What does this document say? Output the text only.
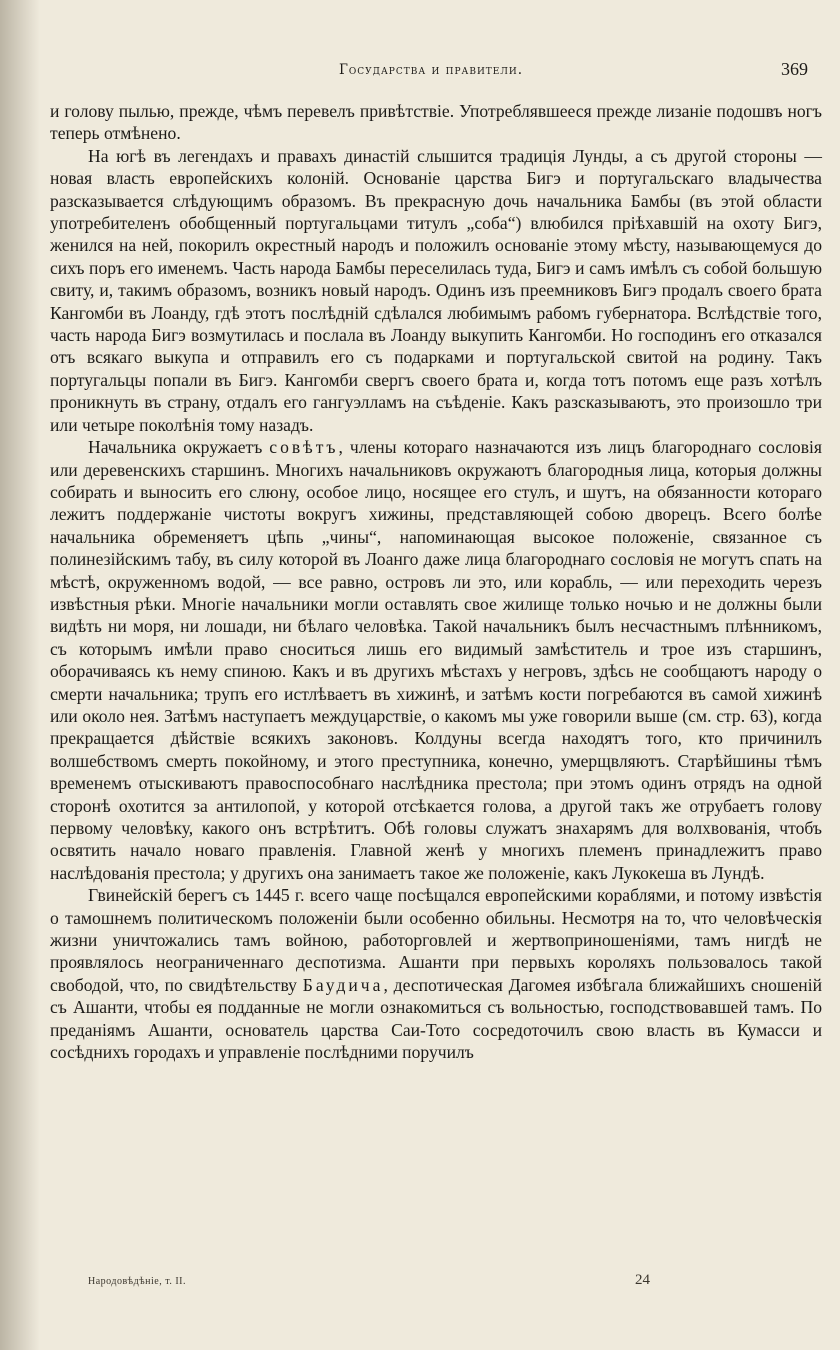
Государства и правители.	369

и голову пылью, прежде, чѣмъ перевелъ привѣтствіе. Употреблявшееся прежде лизаніе подошвъ ногъ теперь отмѣнено.

На югѣ въ легендахъ и правахъ династій слышится традиція Лунды, а съ другой стороны — новая власть европейскихъ колоній. Основаніе царства Бигэ и португальскаго владычества разсказывается слѣдующимъ образомъ. Въ прекрасную дочь начальника Бамбы (въ этой области употребителенъ обобщенный португальцами титулъ „соба“) влюбился пріѣхавшій на охоту Бигэ, женился на ней, покорилъ окрестный народъ и положилъ основаніе этому мѣсту, называющемуся до сихъ поръ его именемъ. Часть народа Бамбы переселилась туда, Бигэ и самъ имѣлъ съ собой большую свиту, и, такимъ образомъ, возникъ новый народъ. Одинъ изъ преемниковъ Бигэ продалъ своего брата Кангомби въ Лоанду, гдѣ этотъ послѣдній сдѣлался любимымъ рабомъ губернатора. Вслѣдствіе того, часть народа Бигэ возмутилась и послала въ Лоанду выкупить Кангомби. Но господинъ его отказался отъ всякаго выкупа и отправилъ его съ подарками и португальской свитой на родину. Такъ португальцы попали въ Бигэ. Кангомби свергъ своего брата и, когда тотъ потомъ еще разъ хотѣлъ проникнуть въ страну, отдалъ его гангуэлламъ на съѣденіе. Какъ разсказываютъ, это произошло три или четыре поколѣнія тому назадъ.

Начальника окружаетъ совѣтъ, члены котораго назначаются изъ лицъ благороднаго сословія или деревенскихъ старшинъ. Многихъ начальниковъ окружаютъ благородныя лица, которыя должны собирать и выносить его слюну, особое лицо, носящее его стулъ, и шутъ, на обязанности котораго лежитъ поддержаніе чистоты вокругъ хижины, представляющей собою дворецъ. Всего болѣе начальника обременяетъ цѣпь „чины“, напоминающая высокое положеніе, связанное съ полинезійскимъ табу, въ силу которой въ Лоанго даже лица благороднаго сословія не могутъ спать на мѣстѣ, окруженномъ водой, — все равно, островъ ли это, или корабль, — или переходить черезъ извѣстныя рѣки. Многіе начальники могли оставлять свое жилище только ночью и не должны были видѣть ни моря, ни лошади, ни бѣлаго человѣка. Такой начальникъ былъ несчастнымъ плѣнникомъ, съ которымъ имѣли право сноситься лишь его видимый замѣститель и трое изъ старшинъ, оборачиваясь къ нему спиною. Какъ и въ другихъ мѣстахъ у негровъ, здѣсь не сообщаютъ народу о смерти начальника; трупъ его истлѣваетъ въ хижинѣ, и затѣмъ кости погребаются въ самой хижинѣ или около нея. Затѣмъ наступаетъ междуцарствіе, о какомъ мы уже говорили выше (см. стр. 63), когда прекращается дѣйствіе всякихъ законовъ. Колдуны всегда находятъ того, кто причинилъ волшебствомъ смерть покойному, и этого преступника, конечно, умерщвляютъ. Старѣйшины тѣмъ временемъ отыскиваютъ правоспособнаго наслѣдника престола; при этомъ одинъ отрядъ на одной сторонѣ охотится за антилопой, у которой отсѣкается голова, а другой такъ же отрубаетъ голову первому человѣку, какого онъ встрѣтитъ. Обѣ головы служатъ знахарямъ для волхвованія, чтобъ освятить начало новаго правленія. Главной женѣ у многихъ племенъ принадлежитъ право наслѣдованія престола; у другихъ она занимаетъ такое же положеніе, какъ Лукокеша въ Лундѣ.

Гвинейскій берегъ съ 1445 г. всего чаще посѣщался европейскими кораблями, и потому извѣстія о тамошнемъ политическомъ положеніи были особенно обильны. Несмотря на то, что человѣческія жизни уничтожались тамъ войною, работорговлей и жертвоприношеніями, тамъ нигдѣ не проявлялось неограниченнаго деспотизма. Ашанти при первыхъ короляхъ пользовалось такой свободой, что, по свидѣтельству Баудича, деспотическая Дагомея избѣгала ближайшихъ сношеній съ Ашанти, чтобы ея подданные не могли ознакомиться съ вольностью, господствовавшей тамъ. По преданіямъ Ашанти, основатель царства Саи-Тото сосредоточилъ свою власть въ Кумасси и сосѣднихъ городахъ и управленіе послѣдними поручилъ

Народовѣдѣніе, т. II.	24
